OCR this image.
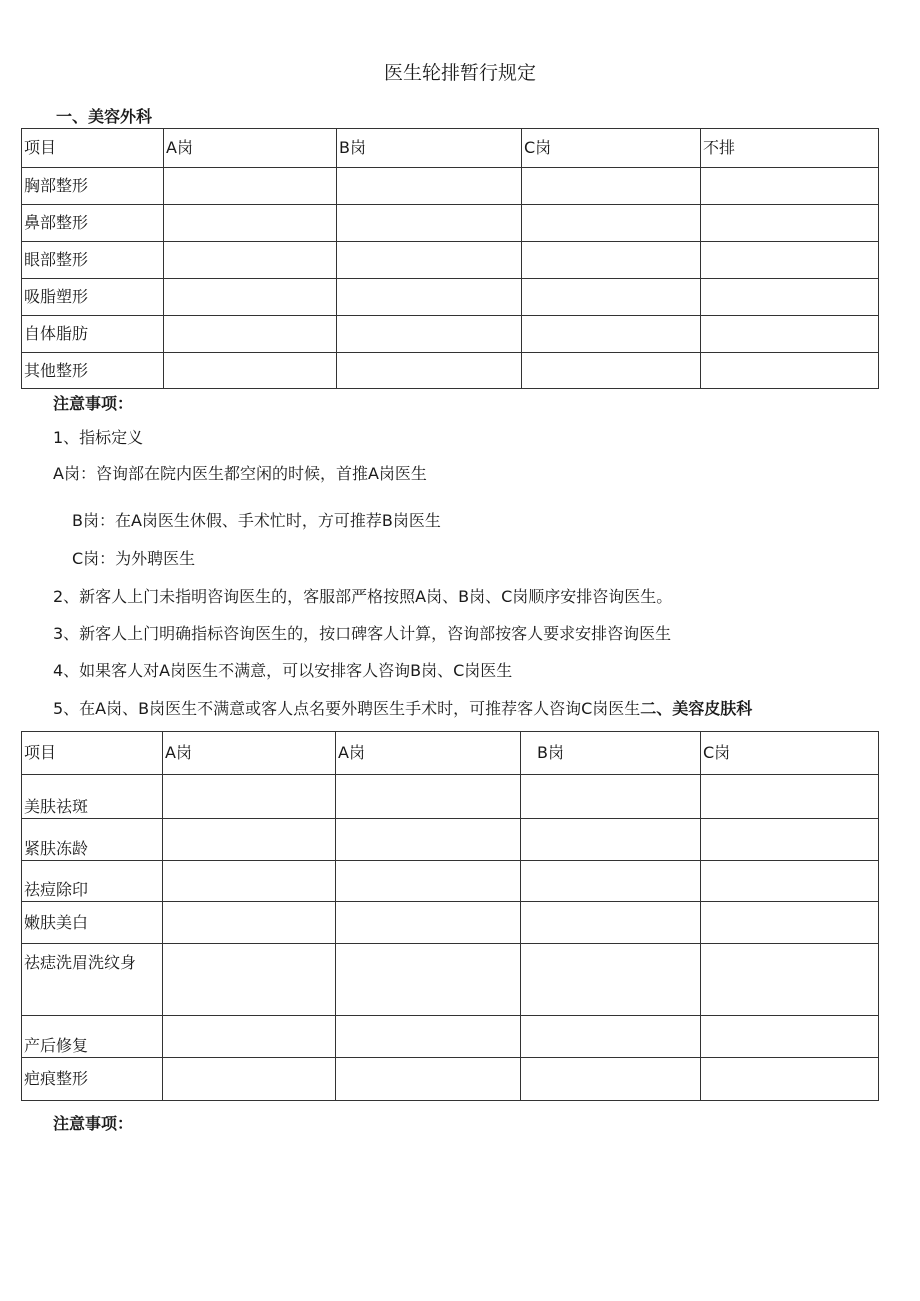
医生轮排暂行规定
一、美容外科
项目	A岗	B岗	C岗	不排
胸部整形				
鼻部整形				
眼部整形				
吸脂塑形				
自体脂肪				
其他整形				
注意事项：
1、指标定义
A岗：咨询部在院内医生都空闲的时候，首推A岗医生
B岗：在A岗医生休假、手术忙时，方可推荐B岗医生
C岗：为外聘医生
2、新客人上门未指明咨询医生的，客服部严格按照A岗、B岗、C岗顺序安排咨询医生。
3、新客人上门明确指标咨询医生的，按口碑客人计算，咨询部按客人要求安排咨询医生
4、如果客人对A岗医生不满意，可以安排客人咨询B岗、C岗医生
5、在A岗、B岗医生不满意或客人点名要外聘医生手术时，可推荐客人咨询C岗医生二、美容皮肤科
项目	A岗	A岗	B岗	C岗
美肤祛斑				
紧肤冻龄				
祛痘除印				
嫩肤美白				
祛痣洗眉洗纹身				
产后修复				
疤痕整形				
注意事项：
